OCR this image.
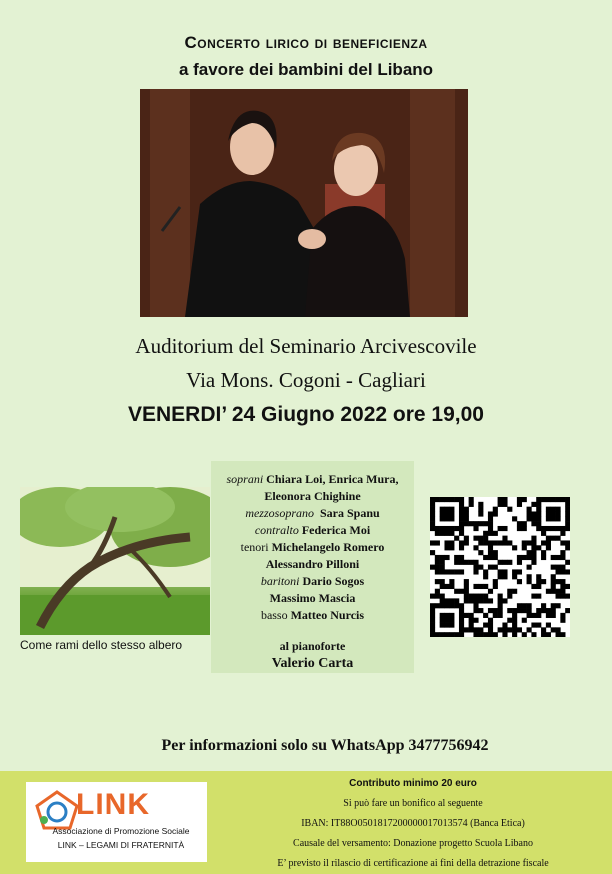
Concerto lirico di beneficienza
a favore dei bambini del Libano
Auditorium del Seminario Arcivescovile
Via Mons. Cogoni - Cagliari
VENERDI’ 24 Giugno 2022 ore 19,00
Come rami dello stesso albero
soprani Chiara Loi, Enrica Mura,
Eleonora Chighine
mezzosoprano Sara Spanu
contralto Federica Moi
tenori Michelangelo Romero
Alessandro Pilloni
baritoni Dario Sogos
Massimo Mascia
basso Matteo Nurcis
al pianoforte
Valerio Carta
Per informazioni solo su WhatsApp 3477756942
LINK
Associazione di Promozione Sociale
LINK – LEGAMI DI FRATERNITÀ
Contributo minimo 20 euro
Si può fare un bonifico al seguente
IBAN: IT88O0501817200000017013574 (Banca Etica)
Causale del versamento: Donazione progetto Scuola Libano
E’ previsto il rilascio di certificazione ai fini della detrazione fiscale
